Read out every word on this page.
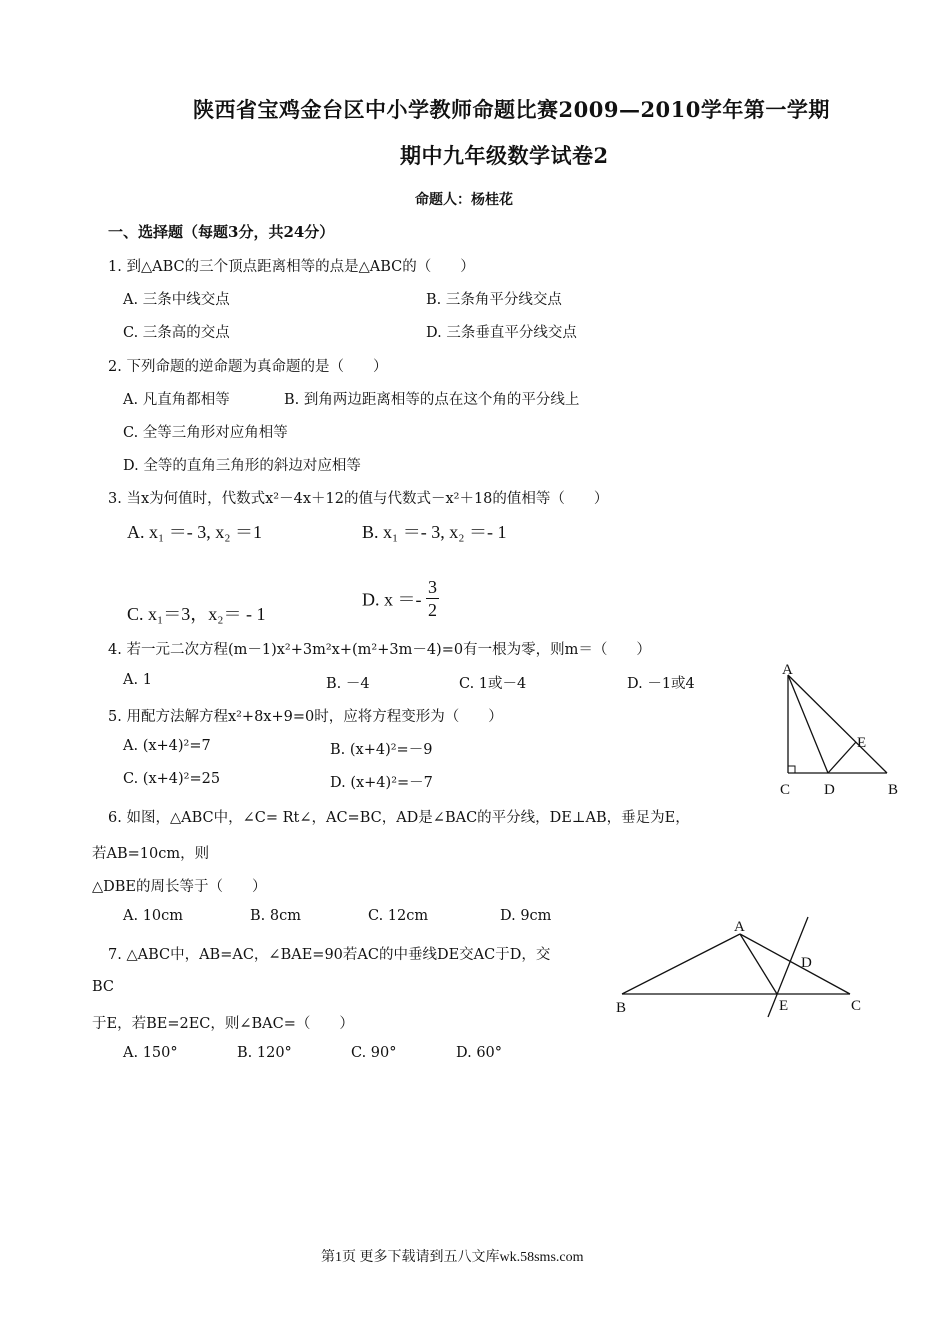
陕西省宝鸡金台区中小学教师命题比赛2009—2010学年第一学期
期中九年级数学试卷2
命题人：杨桂花
一、选择题（每题3分，共24分）
1. 到△ABC的三个顶点距离相等的点是△ABC的（　　）
A. 三条中线交点	B. 三条角平分线交点
C. 三条高的交点	D. 三条垂直平分线交点
2. 下列命题的逆命题为真命题的是（　　）
A. 凡直角都相等	B. 到角两边距离相等的点在这个角的平分线上
C. 全等三角形对应角相等
D. 全等的直角三角形的斜边对应相等
3. 当x为何值时，代数式x²－4x＋12的值与代数式－x²＋18的值相等（　　）
A. x₁ ＝- 3, x₂ ＝1	B. x₁ ＝- 3, x₂ ＝- 1
C. x₁＝3，x₂＝ - 1
D. $x =- \frac{3}{2}$
4. 若一元二次方程(m－1)x²+3m²x+(m²+3m－4)=0有一根为零，则m＝（　　）
A. 1	B. －4	C. 1或－4	D. －1或4
5. 用配方法解方程x²+8x+9=0时，应将方程变形为（　　）
A. (x+4)²=7	B. (x+4)²=－9
C. (x+4)²=25	D. (x+4)²=－7
A
B
C D
E
6. 如图，△ABC中，∠C= Rt∠，AC=BC，AD是∠BAC的平分线，DE⊥AB，垂足为E，
若AB=10cm，则
△DBE的周长等于（　　）
A. 10cm	B. 8cm	C. 12cm	D. 9cm
A
B	C
D
E
7. △ABC中，AB=AC，∠BAE=90若AC的中垂线DE交AC于D，交
BC
于E，若BE=2EC，则∠BAC=（　　）
A. 150°	B. 120°	C. 90°	D. 60°
第1页 更多下载请到五八文库wk.58sms.com
